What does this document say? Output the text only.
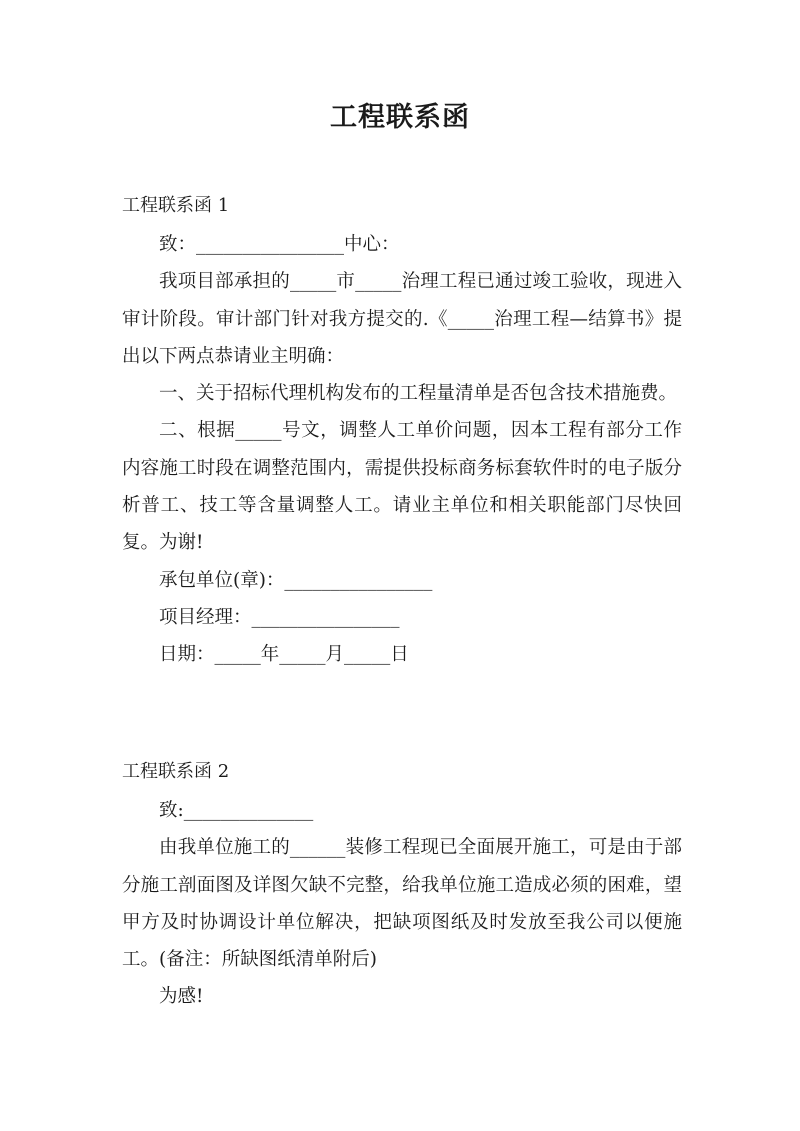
工程联系函

工程联系函 1

致：________________中心：

我项目部承担的_____市_____治理工程已通过竣工验收，现进入审计阶段。审计部门针对我方提交的.《_____治理工程—结算书》提出以下两点恭请业主明确：

一、关于招标代理机构发布的工程量清单是否包含技术措施费。

二、根据_____号文，调整人工单价问题，因本工程有部分工作内容施工时段在调整范围内，需提供投标商务标套软件时的电子版分析普工、技工等含量调整人工。请业主单位和相关职能部门尽快回复。为谢!

承包单位(章)：________________

项目经理：________________

日期：_____年_____月_____日

工程联系函 2

致:______________

由我单位施工的______装修工程现已全面展开施工，可是由于部分施工剖面图及详图欠缺不完整，给我单位施工造成必须的困难，望甲方及时协调设计单位解决，把缺项图纸及时发放至我公司以便施工。(备注：所缺图纸清单附后)

为感!
